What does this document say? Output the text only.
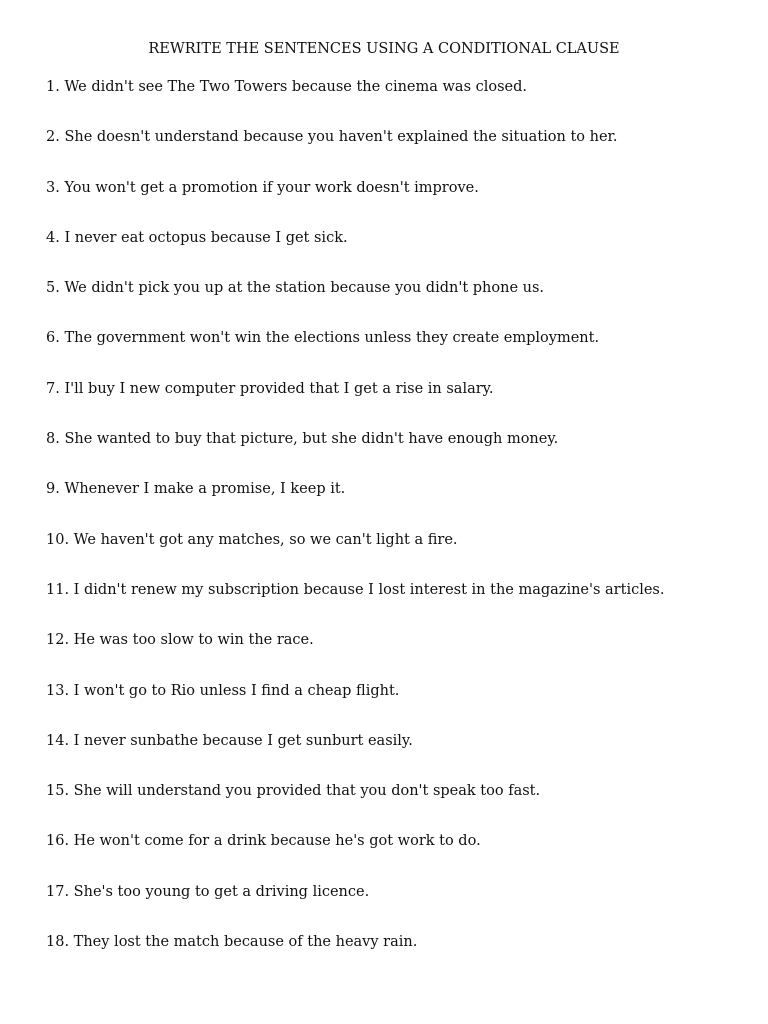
REWRITE THE SENTENCES USING A CONDITIONAL CLAUSE
1. We didn't see The Two Towers because the cinema was closed.
2. She doesn't understand because you haven't explained the situation to her.
3. You won't get a promotion if your work doesn't improve.
4. I never eat octopus because I get sick.
5. We didn't pick you up at the station because you didn't phone us.
6. The government won't win the elections unless they create employment.
7. I'll buy I new computer provided that I get a rise in salary.
8. She wanted to buy that picture, but she didn't have enough money.
9. Whenever I make a promise, I keep it.
10. We haven't got any matches, so we can't light a fire.
11. I didn't renew my subscription because I lost interest in the magazine's articles.
12. He was too slow to win the race.
13. I won't go to Rio unless I find a cheap flight.
14. I never sunbathe because I get sunburt easily.
15. She will understand you provided that you don't speak too fast.
16. He won't come for a drink because he's got work to do.
17. She's too young to get a driving licence.
18. They lost the match because of the heavy rain.
